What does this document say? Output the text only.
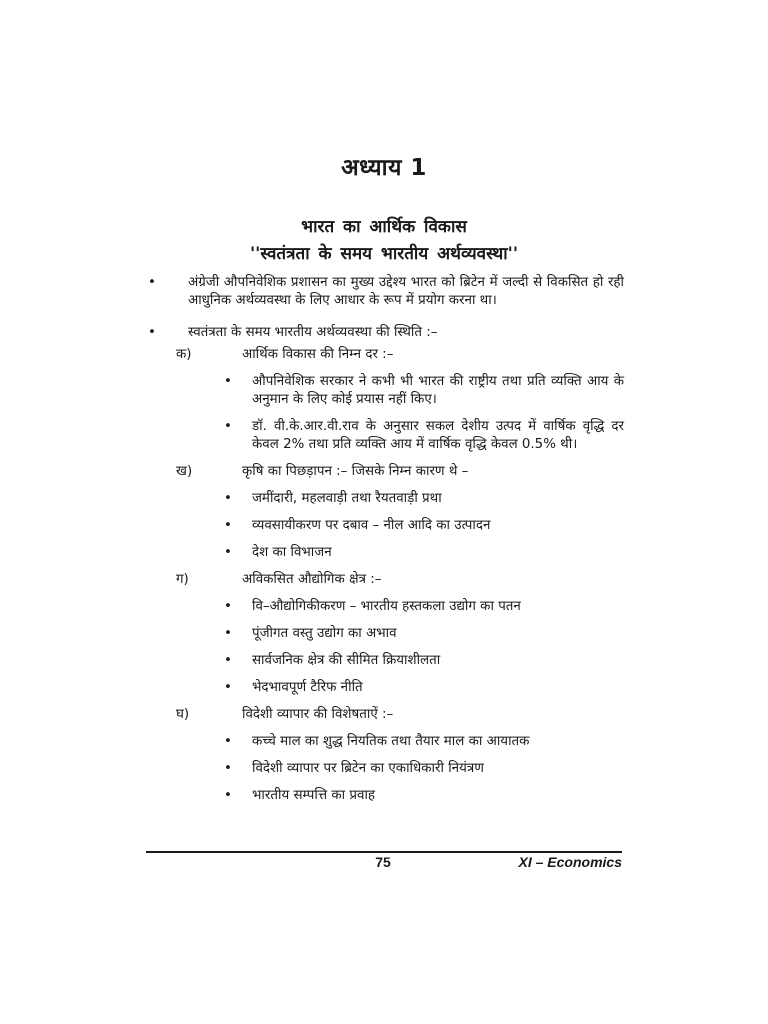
अध्याय 1
भारत का आर्थिक विकास
''स्वतंत्रता के समय भारतीय अर्थव्यवस्था''
• अंग्रेजी औपनिवेशिक प्रशासन का मुख्य उद्देश्य भारत को ब्रिटेन में जल्दी से विकसित हो रही आधुनिक अर्थव्यवस्था के लिए आधार के रूप में प्रयोग करना था।
• स्वतंत्रता के समय भारतीय अर्थव्यवस्था की स्थिति :–
क)	आर्थिक विकास की निम्न दर :–
• औपनिवेशिक सरकार ने कभी भी भारत की राष्ट्रीय तथा प्रति व्यक्ति आय के अनुमान के लिए कोई प्रयास नहीं किए।
• डॉ. वी.के.आर.वी.राव के अनुसार सकल देशीय उत्पद में वार्षिक वृद्धि दर केवल 2% तथा प्रति व्यक्ति आय में वार्षिक वृद्धि केवल 0.5% थी।
ख)	कृषि का पिछड़ापन :– जिसके निम्न कारण थे –
• जमींदारी, महलवाड़ी तथा रैयतवाड़ी प्रथा
• व्यवसायीकरण पर दबाव – नील आदि का उत्पादन
• देश का विभाजन
ग)	अविकसित औद्योगिक क्षेत्र :–
• वि–औद्योगिकीकरण – भारतीय हस्तकला उद्योग का पतन
• पूंजीगत वस्तु उद्योग का अभाव
• सार्वजनिक क्षेत्र की सीमित क्रियाशीलता
• भेदभावपूर्ण टैरिफ नीति
घ)	विदेशी व्यापार की विशेषताऐं :–
• कच्चे माल का शुद्ध नियतिक तथा तैयार माल का आयातक
• विदेशी व्यापार पर ब्रिटेन का एकाधिकारी नियंत्रण
• भारतीय सम्पत्ति का प्रवाह
75	XI – Economics
